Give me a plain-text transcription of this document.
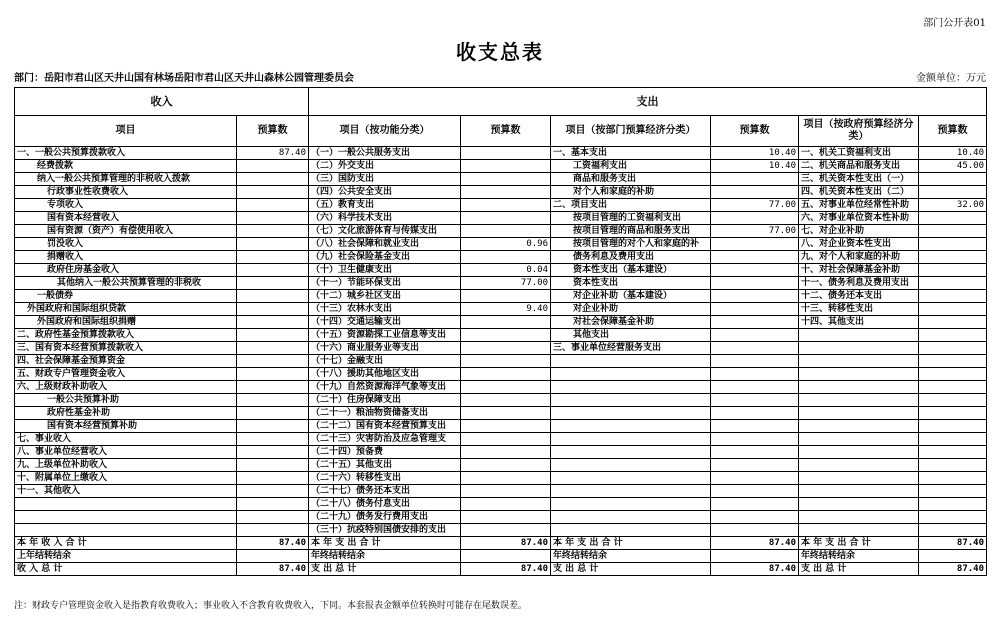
部门公开表01
收支总表
部门：岳阳市君山区天井山国有林场岳阳市君山区天井山森林公园管理委员会	金额单位：万元
收入		支出					
项目	预算数	项目（按功能分类）	预算数	项目（按部门预算经济分类）	预算数	项目（按政府预算经济分类）	预算数
一、一般公共预算拨款收入	87.40	（一）一般公共服务支出		一、基本支出	10.40	一、机关工资福利支出	10.40
经费拨款		（二）外交支出		工资福利支出	10.40	二、机关商品和服务支出	45.00
纳入一般公共预算管理的非税收入拨款		（三）国防支出		商品和服务支出		三、机关资本性支出（一）	
行政事业性收费收入		（四）公共安全支出		对个人和家庭的补助		四、机关资本性支出（二）	
专项收入		（五）教育支出		二、项目支出	77.00	五、对事业单位经常性补助	32.00
国有资本经营收入		（六）科学技术支出		按项目管理的工资福利支出		六、对事业单位资本性补助	
国有资源（资产）有偿使用收入		（七）文化旅游体育与传媒支出		按项目管理的商品和服务支出	77.00	七、对企业补助	
罚没收入		（八）社会保障和就业支出	0.96	按项目管理的对个人和家庭的补		八、对企业资本性支出	
捐赠收入		（九）社会保险基金支出		债务利息及费用支出		九、对个人和家庭的补助	
政府住房基金收入		（十）卫生健康支出	0.04	资本性支出（基本建设）		十、对社会保障基金补助	
其他纳入一般公共预算管理的非税收		（十一）节能环保支出	77.00	资本性支出		十一、债务利息及费用支出	
一般债券		（十二）城乡社区支出		对企业补助（基本建设）		十二、债务还本支出	
外国政府和国际组织贷款		（十三）农林水支出	9.40	对企业补助		十三、转移性支出	
外国政府和国际组织捐赠		（十四）交通运输支出		对社会保障基金补助		十四、其他支出	
二、政府性基金预算拨款收入		（十五）资源勘探工业信息等支出		其他支出			
三、国有资本经营预算拨款收入		（十六）商业服务业等支出		三、事业单位经营服务支出			
四、社会保障基金预算资金		（十七）金融支出					
五、财政专户管理资金收入		（十八）援助其他地区支出					
六、上级财政补助收入		（十九）自然资源海洋气象等支出					
一般公共预算补助		（二十）住房保障支出					
政府性基金补助		（二十一）粮油物资储备支出					
国有资本经营预算补助		（二十二）国有资本经营预算支出					
七、事业收入		（二十三）灾害防治及应急管理支					
八、事业单位经营收入		（二十四）预备费					
九、上级单位补助收入		（二十五）其他支出					
十、附属单位上缴收入		（二十六）转移性支出					
十一、其他收入		（二十七）债务还本支出					
		（二十八）债务付息支出					
		（二十九）债务发行费用支出					
		（三十）抗疫特别国债安排的支出					
本 年 收 入 合 计	87.40	本 年 支 出 合 计	87.40	本 年 支 出 合 计	87.40	本 年 支 出 合 计	87.40
上年结转结余		年终结转结余		年终结转结余		年终结转结余	
收 入 总 计	87.40	支 出 总 计	87.40	支 出 总 计	87.40	支 出 总 计	87.40
注：财政专户管理资金收入是指教育收费收入；事业收入不含教育收费收入，下同。本套报表金额单位转换时可能存在尾数误差。
